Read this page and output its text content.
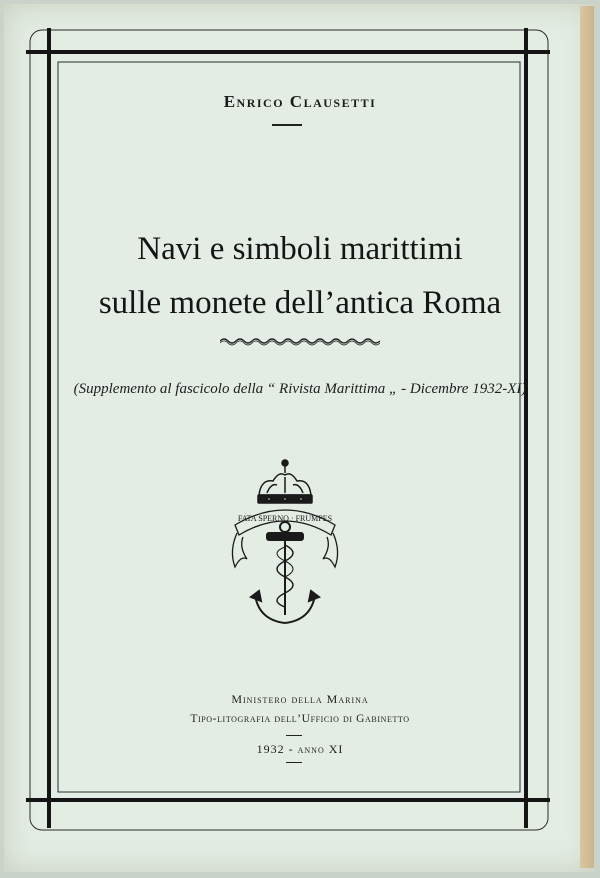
Enrico Clausetti
Navi e simboli marittimi
sulle monete dell’antica Roma
(Supplemento al fascicolo della “ Rivista Marittima „ - Dicembre 1932-XI)
FATA SPERNO · FRUMPES
Ministero della Marina
Tipo-litografia dell’Ufficio di Gabinetto
1932 - anno XI
